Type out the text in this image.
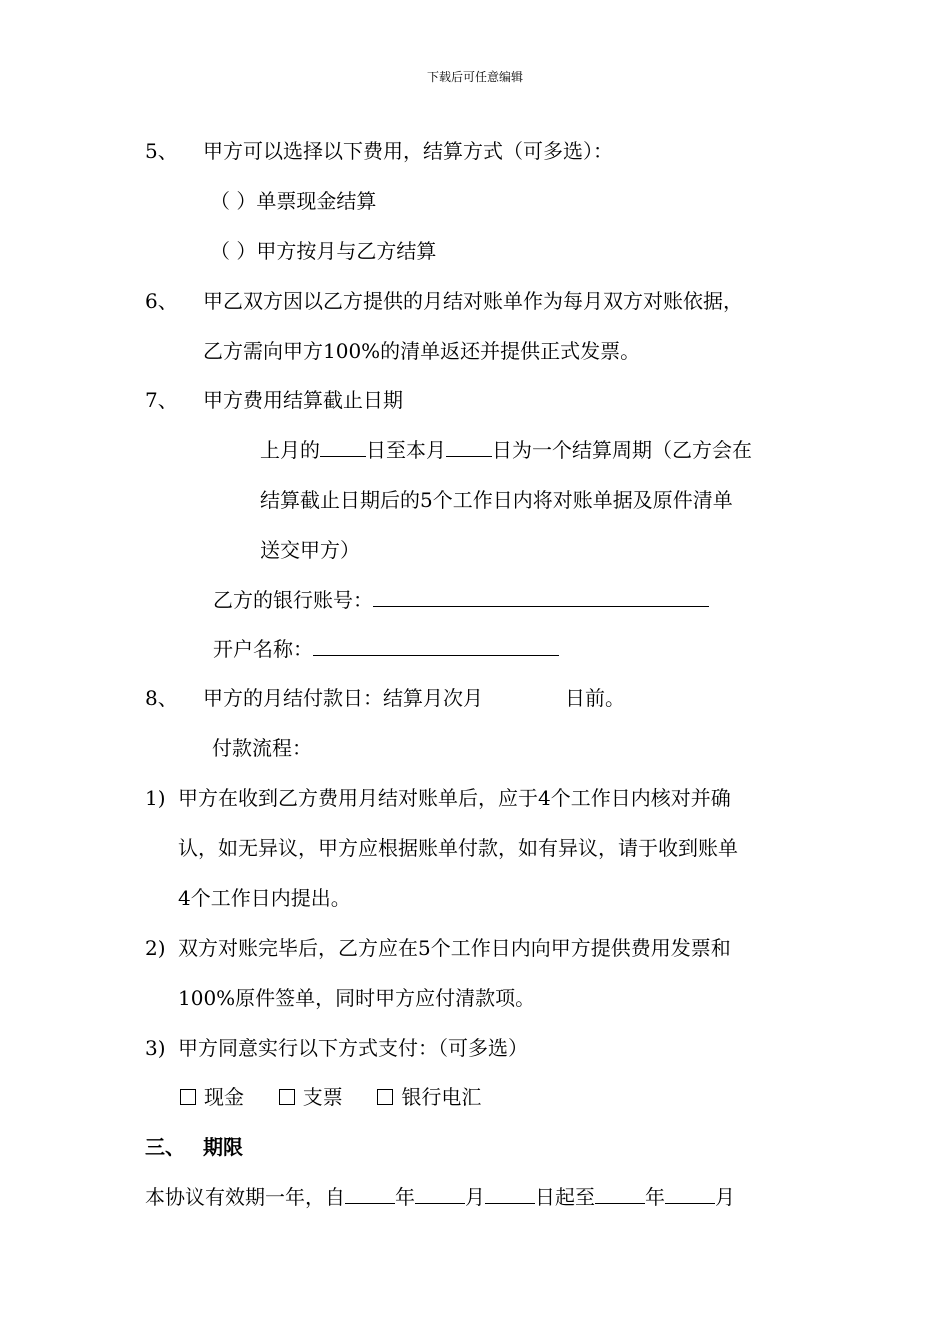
下载后可任意编辑
5、 甲方可以选择以下费用，结算方式（可多选）：
（ ）单票现金结算
（ ）甲方按月与乙方结算
6、 甲乙双方因以乙方提供的月结对账单作为每月双方对账依据，
乙方需向甲方100%的清单返还并提供正式发票。
7、 甲方费用结算截止日期
上月的 日至本月 日为一个结算周期（乙方会在
结算截止日期后的5个工作日内将对账单据及原件清单
送交甲方）
乙方的银行账号：
开户名称：
8、 甲方的月结付款日：结算月次月	日前。
付款流程：
1) 甲方在收到乙方费用月结对账单后，应于4个工作日内核对并确
认，如无异议，甲方应根据账单付款，如有异议，请于收到账单
4个工作日内提出。
2) 双方对账完毕后，乙方应在5个工作日内向甲方提供费用发票和
100%原件签单，同时甲方应付清款项。
3) 甲方同意实行以下方式支付：（可多选）
现金	支票	银行电汇
三、 期限
本协议有效期一年，自	年	月	日起至	年	月
